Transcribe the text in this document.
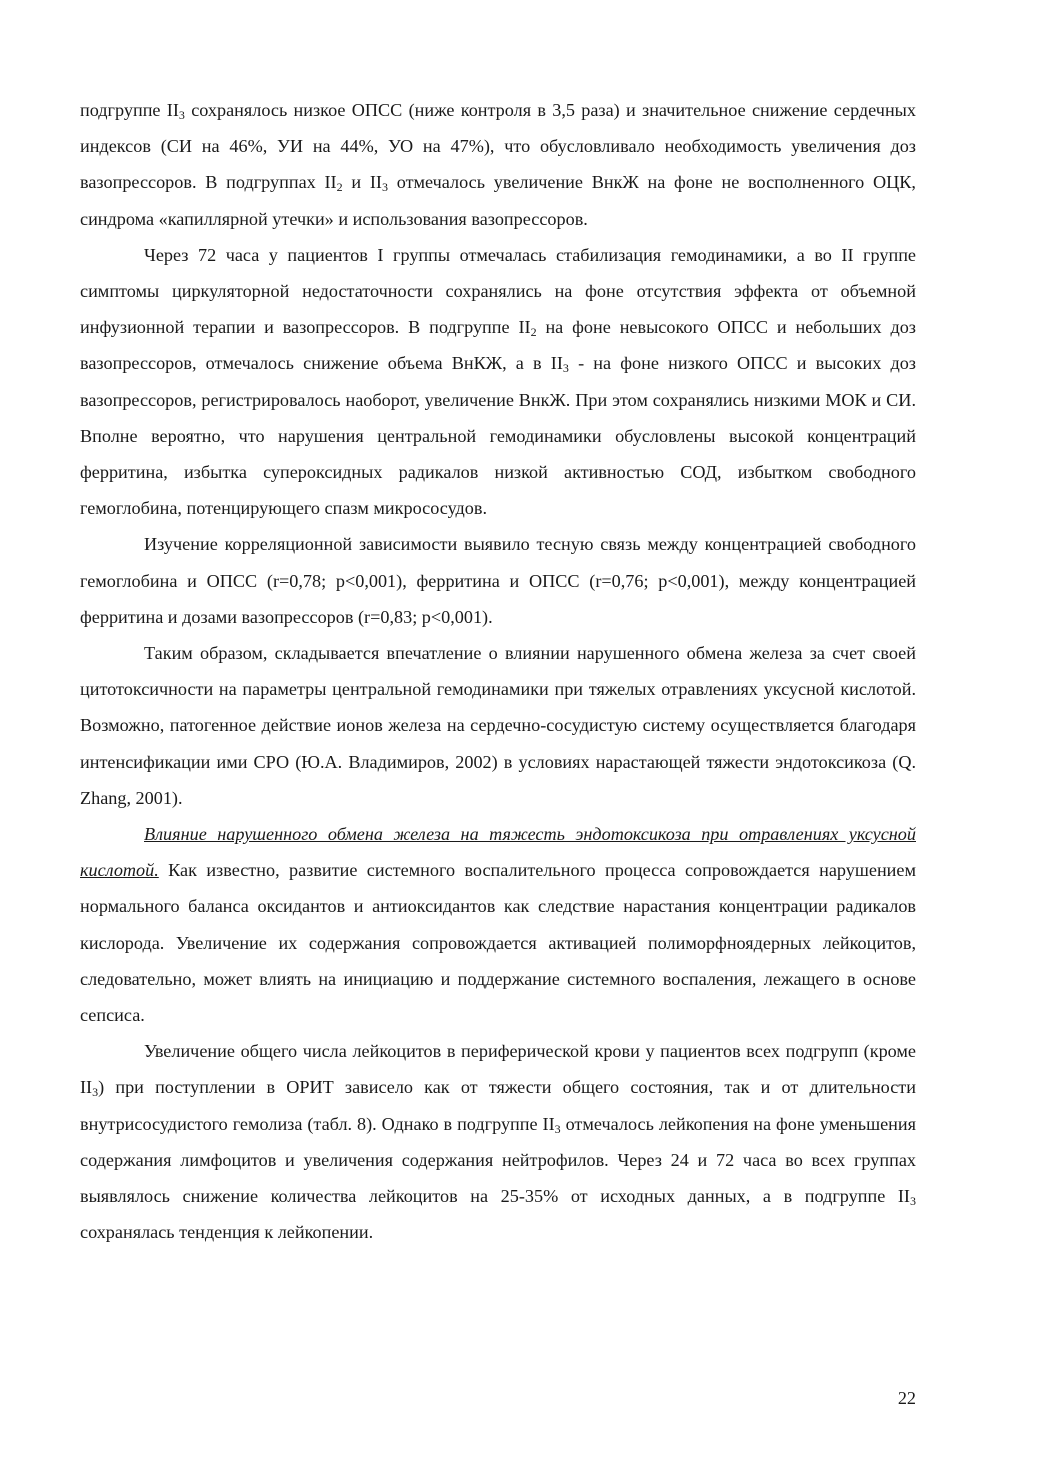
подгруппе $II_3$ сохранялось низкое ОПСС (ниже контроля в 3,5 раза) и значительное снижение сердечных индексов (СИ на 46%, УИ на 44%, УО на 47%), что обусловливало необходимость увеличения доз вазопрессоров. В подгруппах $II_2$ и $II_3$ отмечалось увеличение ВнкЖ на фоне не восполненного ОЦК, синдрома «капиллярной утечки» и использования вазопрессоров.

Через 72 часа у пациентов I группы отмечалась стабилизация гемодинамики, а во II группе симптомы циркуляторной недостаточности сохранялись на фоне отсутствия эффекта от объемной инфузионной терапии и вазопрессоров. В подгруппе $II_2$ на фоне невысокого ОПСС и небольших доз вазопрессоров, отмечалось снижение объема ВнКЖ, а в $II_3$ - на фоне низкого ОПСС и высоких доз вазопрессоров, регистрировалось наоборот, увеличение ВнкЖ. При этом сохранялись низкими МОК и СИ. Вполне вероятно, что нарушения центральной гемодинамики обусловлены высокой концентраций ферритина, избытка супероксидных радикалов низкой активностью СОД, избытком свободного гемоглобина, потенцирующего спазм микрососудов.

Изучение корреляционной зависимости выявило тесную связь между концентрацией свободного гемоглобина и ОПСС (r=0,78; p<0,001), ферритина и ОПСС (r=0,76; p<0,001), между концентрацией ферритина и дозами вазопрессоров (r=0,83; p<0,001).

Таким образом, складывается впечатление о влиянии нарушенного обмена железа за счет своей цитотоксичности на параметры центральной гемодинамики при тяжелых отравлениях уксусной кислотой. Возможно, патогенное действие ионов железа на сердечно-сосудистую систему осуществляется благодаря интенсификации ими СРО (Ю.А. Владимиров, 2002) в условиях нарастающей тяжести эндотоксикоза (Q. Zhang, 2001).

Влияние нарушенного обмена железа на тяжесть эндотоксикоза при отравлениях уксусной кислотой. Как известно, развитие системного воспалительного процесса сопровождается нарушением нормального баланса оксидантов и антиоксидантов как следствие нарастания концентрации радикалов кислорода. Увеличение их содержания сопровождается активацией полиморфноядерных лейкоцитов, следовательно, может влиять на инициацию и поддержание системного воспаления, лежащего в основе сепсиса.

Увеличение общего числа лейкоцитов в периферической крови у пациентов всех подгрупп (кроме $II_3$) при поступлении в ОРИТ зависело как от тяжести общего состояния, так и от длительности внутрисосудистого гемолиза (табл. 8). Однако в подгруппе $II_3$ отмечалось лейкопения на фоне уменьшения содержания лимфоцитов и увеличения содержания нейтрофилов. Через 24 и 72 часа во всех группах выявлялось снижение количества лейкоцитов на 25-35% от исходных данных, а в подгруппе $II_3$ сохранялась тенденция к лейкопении.

22
